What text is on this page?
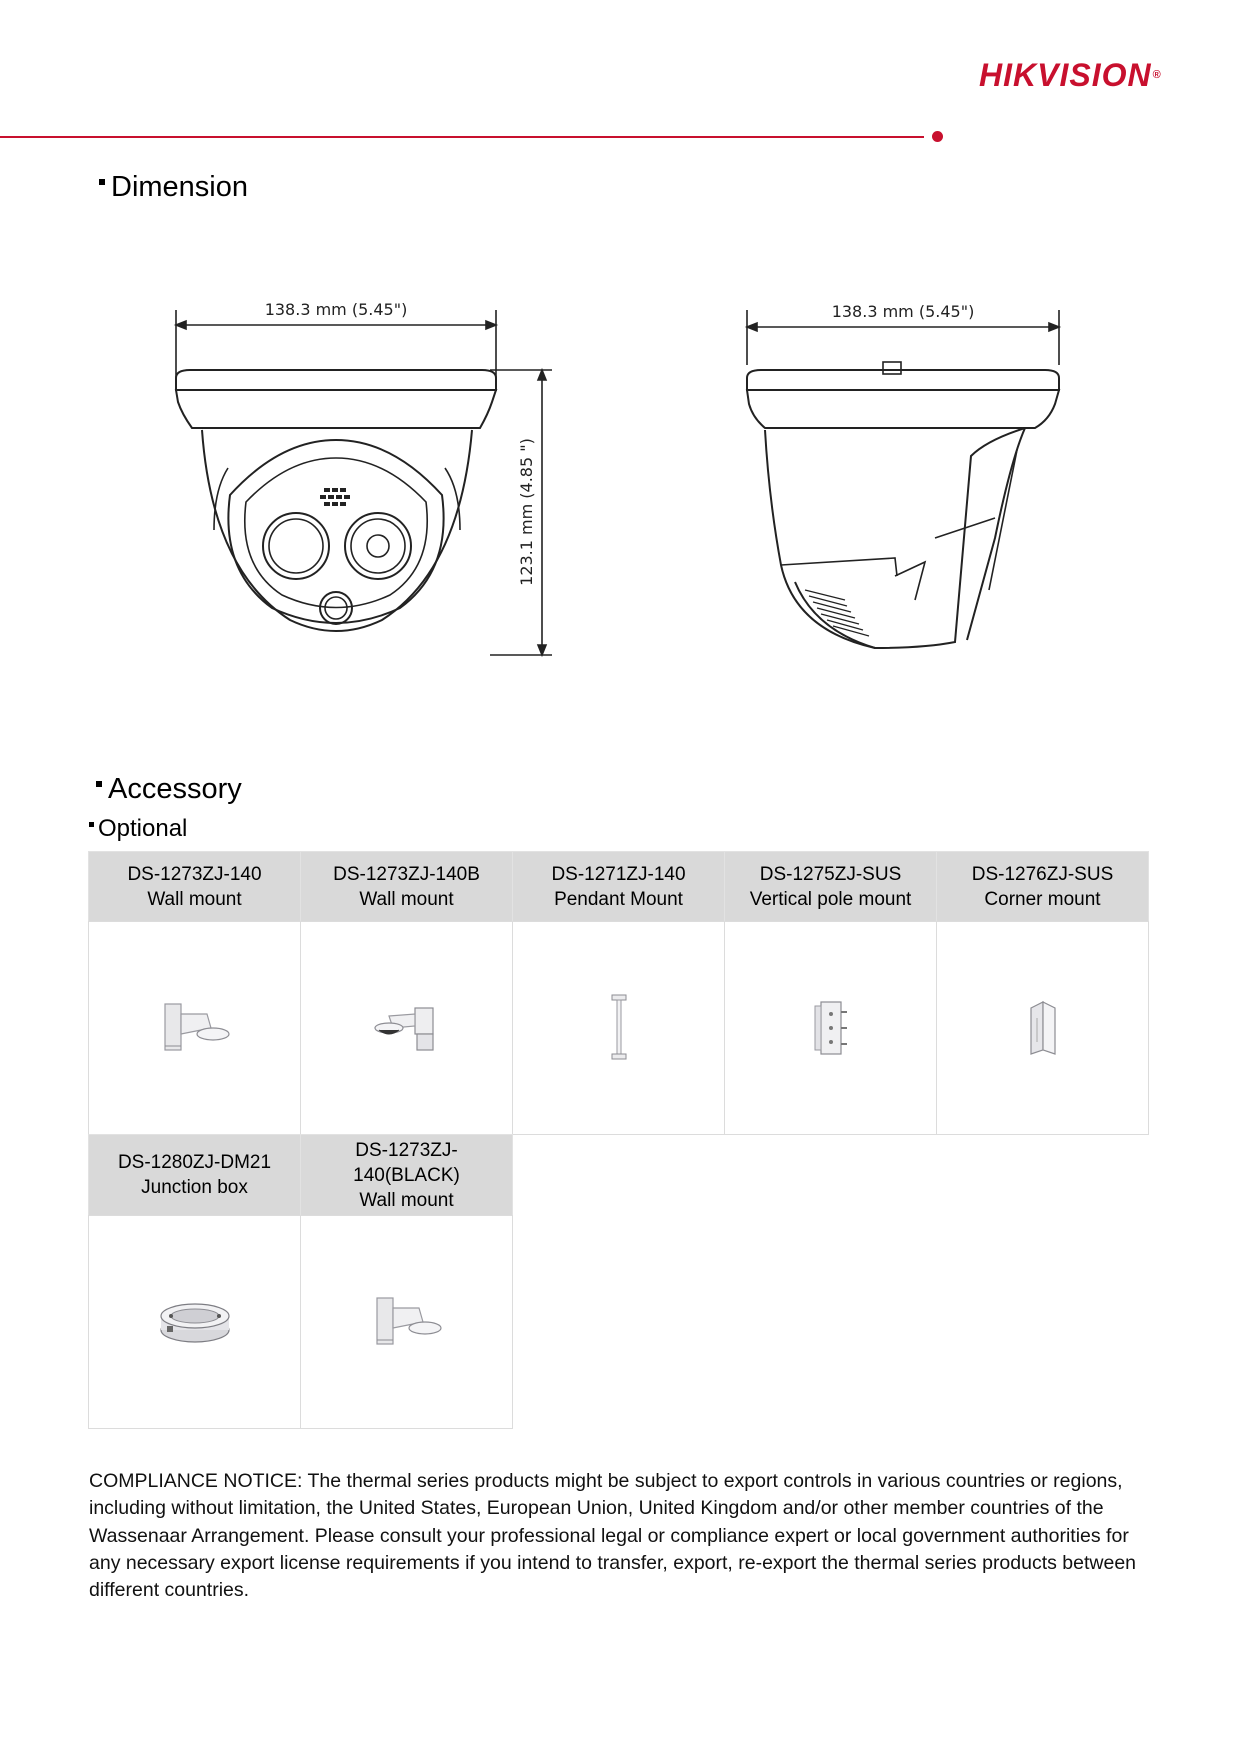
HIKVISION®
Dimension
138.3 mm (5.45")
123.1 mm (4.85 ")
138.3 mm (5.45")
Accessory
Optional
DS-1273ZJ-140
Wall mount
DS-1273ZJ-140B
Wall mount
DS-1271ZJ-140
Pendant Mount
DS-1275ZJ-SUS
Vertical pole mount
DS-1276ZJ-SUS
Corner mount
DS-1280ZJ-DM21
Junction box
DS-1273ZJ-
140(BLACK)
Wall mount
COMPLIANCE NOTICE: The thermal series products might be subject to export controls in various countries or regions, including without limitation, the United States, European Union, United Kingdom and/or other member countries of the Wassenaar Arrangement. Please consult your professional legal or compliance expert or local government authorities for any necessary export license requirements if you intend to transfer, export, re-export the thermal series products between different countries.
